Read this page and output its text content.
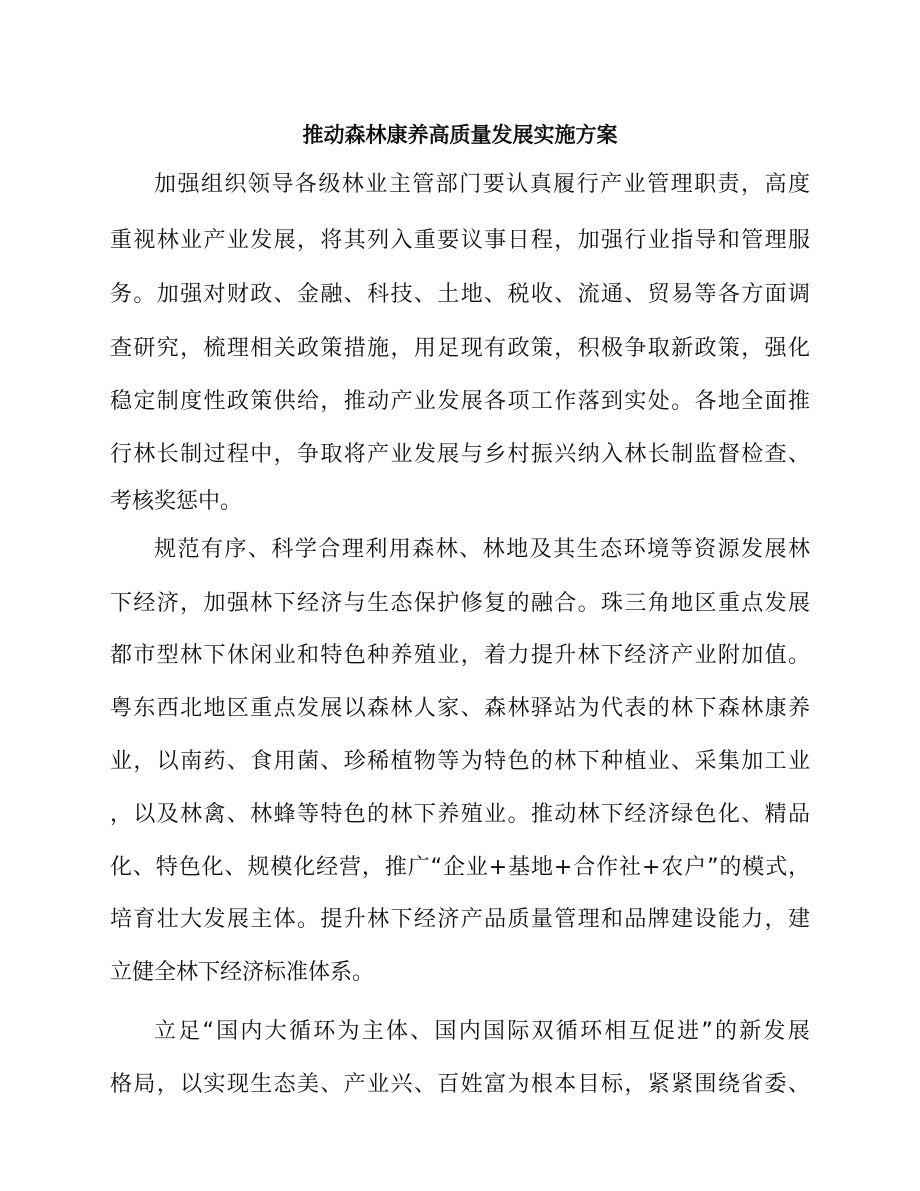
推动森林康养高质量发展实施方案
加强组织领导各级林业主管部门要认真履行产业管理职责，高度
重视林业产业发展，将其列入重要议事日程，加强行业指导和管理服
务。加强对财政、金融、科技、土地、税收、流通、贸易等各方面调
查研究，梳理相关政策措施，用足现有政策，积极争取新政策，强化
稳定制度性政策供给，推动产业发展各项工作落到实处。各地全面推
行林长制过程中，争取将产业发展与乡村振兴纳入林长制监督检查、
考核奖惩中。
规范有序、科学合理利用森林、林地及其生态环境等资源发展林
下经济，加强林下经济与生态保护修复的融合。珠三角地区重点发展
都市型林下休闲业和特色种养殖业，着力提升林下经济产业附加值。
粤东西北地区重点发展以森林人家、森林驿站为代表的林下森林康养
业，以南药、食用菌、珍稀植物等为特色的林下种植业、采集加工业
，以及林禽、林蜂等特色的林下养殖业。推动林下经济绿色化、精品
化、特色化、规模化经营，推广“企业+基地+合作社+农户”的模式，
培育壮大发展主体。提升林下经济产品质量管理和品牌建设能力，建
立健全林下经济标准体系。
立足“国内大循环为主体、国内国际双循环相互促进”的新发展
格局，以实现生态美、产业兴、百姓富为根本目标，紧紧围绕省委、
